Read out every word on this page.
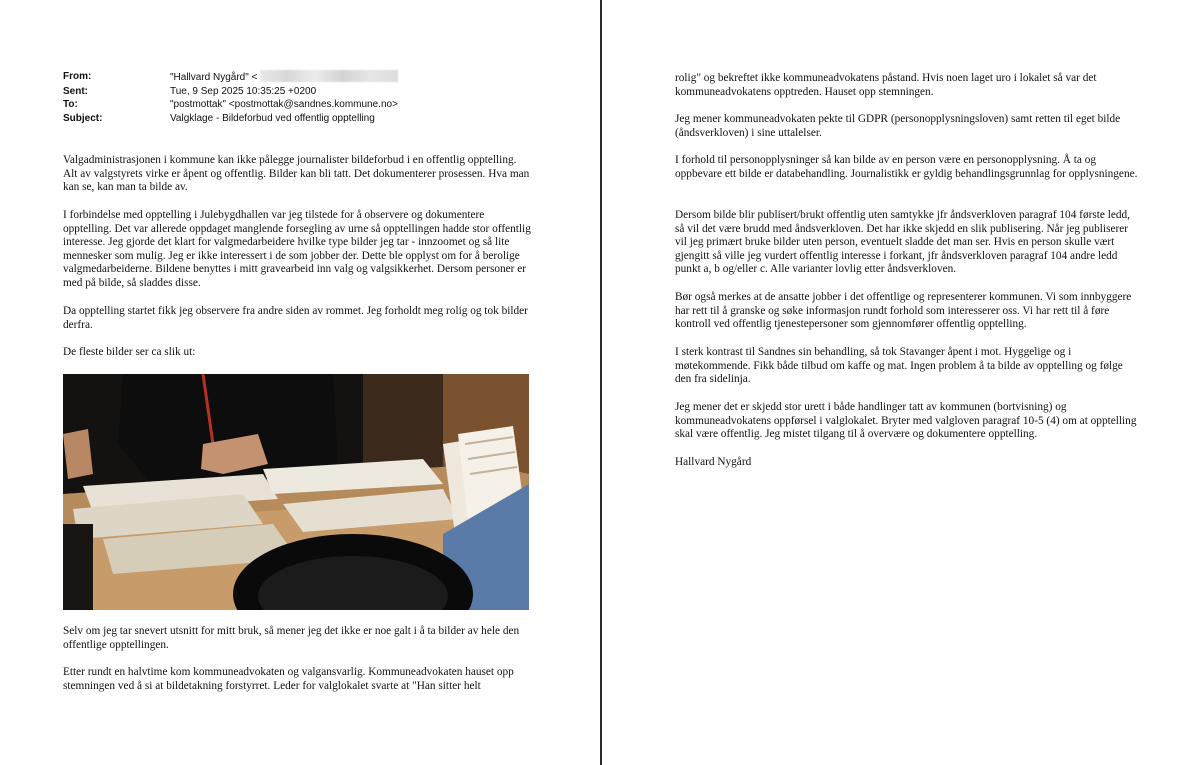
From:	"Hallvard Nygård" <
Sent:	Tue, 9 Sep 2025 10:35:25 +0200
To:	"postmottak" <postmottak@sandnes.kommune.no>
Subject:	Valgklage - Bildeforbud ved offentlig opptelling

Valgadministrasjonen i kommune kan ikke pålegge journalister bildeforbud i en offentlig opptelling. Alt av valgstyrets virke er åpent og offentlig. Bilder kan bli tatt. Det dokumenterer prosessen. Hva man kan se, kan man ta bilde av.

I forbindelse med opptelling i Julebygdhallen var jeg tilstede for å observere og dokumentere opptelling. Det var allerede oppdaget manglende forsegling av urne så opptellingen hadde stor offentlig interesse. Jeg gjorde det klart for valgmedarbeidere hvilke type bilder jeg tar - innzoomet og så lite mennesker som mulig. Jeg er ikke interessert i de som jobber der. Dette ble opplyst om for å berolige valgmedarbeiderne. Bildene benyttes i mitt gravearbeid inn valg og valgsikkerhet. Dersom personer er med på bilde, så sladdes disse.

Da opptelling startet fikk jeg observere fra andre siden av rommet. Jeg forholdt meg rolig og tok bilder derfra.

De fleste bilder ser ca slik ut:

Selv om jeg tar snevert utsnitt for mitt bruk, så mener jeg det ikke er noe galt i å ta bilder av hele den offentlige opptellingen.

Etter rundt en halvtime kom kommuneadvokaten og valgansvarlig. Kommuneadvokaten hauset opp stemningen ved å si at bildetakning forstyrret. Leder for valglokalet svarte at "Han sitter helt

rolig" og bekreftet ikke kommuneadvokatens påstand. Hvis noen laget uro i lokalet så var det kommuneadvokatens opptreden. Hauset opp stemningen.

Jeg mener kommuneadvokaten pekte til GDPR (personopplysningsloven) samt retten til eget bilde (åndsverkloven) i sine uttalelser.

I forhold til personopplysninger så kan bilde av en person være en personopplysning. Å ta og oppbevare ett bilde er databehandling. Journalistikk er gyldig behandlingsgrunnlag for opplysningene.

Dersom bilde blir publisert/brukt offentlig uten samtykke jfr åndsverkloven paragraf 104 første ledd, så vil det være brudd med åndsverkloven. Det har ikke skjedd en slik publisering. Når jeg publiserer vil jeg primært bruke bilder uten person, eventuelt sladde det man ser. Hvis en person skulle vært gjengitt så ville jeg vurdert offentlig interesse i forkant, jfr åndsverkloven paragraf 104 andre ledd punkt a, b og/eller c. Alle varianter lovlig etter åndsverkloven.

Bør også merkes at de ansatte jobber i det offentlige og representerer kommunen. Vi som innbyggere har rett til å granske og søke informasjon rundt forhold som interesserer oss. Vi har rett til å føre kontroll ved offentlig tjenestepersoner som gjennomfører offentlig opptelling.

I sterk kontrast til Sandnes sin behandling, så tok Stavanger åpent i mot. Hyggelige og i møtekommende. Fikk både tilbud om kaffe og mat. Ingen problem å ta bilde av opptelling og følge den fra sidelinja.

Jeg mener det er skjedd stor urett i både handlinger tatt av kommunen (bortvisning) og kommuneadvokatens oppførsel i valglokalet. Bryter med valgloven paragraf 10-5 (4) om at opptelling skal være offentlig. Jeg mistet tilgang til å overvære og dokumentere opptelling.

Hallvard Nygård
